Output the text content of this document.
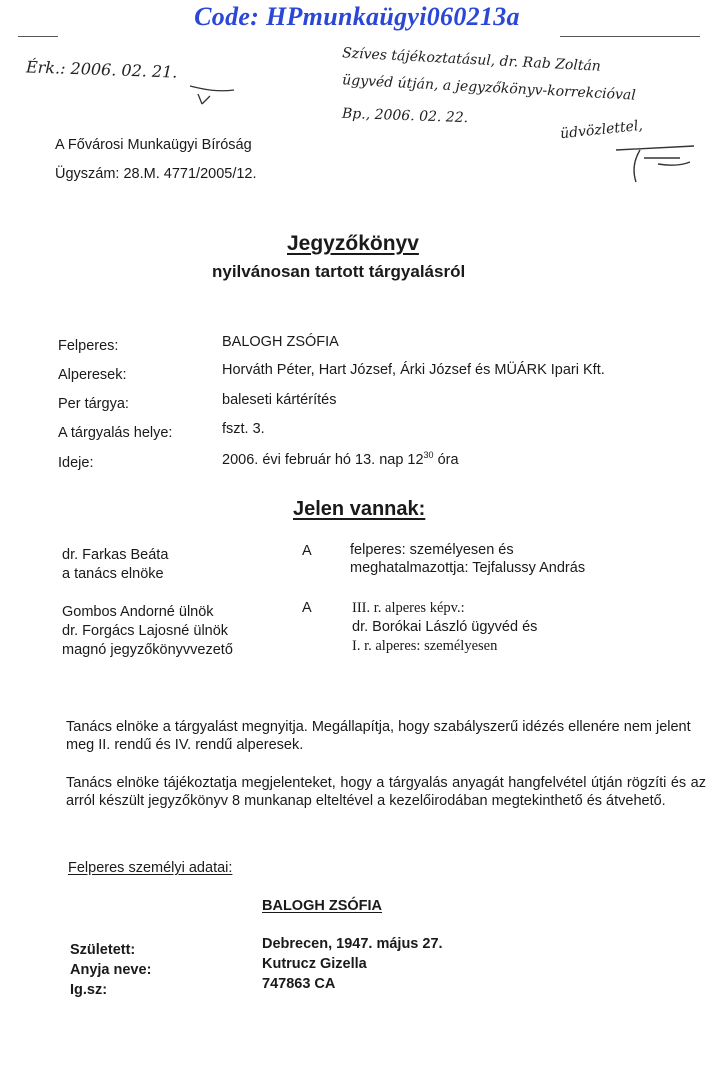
Code: HPmunkaügyi060213a
Érk.: 2006. 02. 21.	Szíves tájékoztatásul, dr. Rab Zoltán
ügyvéd útján, a jegyzőkönyv-korrekcióval
Bp., 2006. 02. 22.
üdvözlettel,
A Fővárosi Munkaügyi Bíróság
Ügyszám: 28.M. 4771/2005/12.
Jegyzőkönyv
nyilvánosan tartott tárgyalásról
Felperes:	BALOGH ZSÓFIA
Alperesek:	Horváth Péter, Hart József, Árki József és MÜÁRK Ipari Kft.
Per tárgya:	baleseti kártérítés
A tárgyalás helye:	fszt. 3.
Ideje:	2006. évi február hó 13. nap $12^{30}$ óra
Jelen vannak:
dr. Farkas Beáta
a tanács elnöke
A	felperes: személyesen és
meghatalmazottja: Tejfalussy András
Gombos Andorné ülnök
dr. Forgács Lajosné ülnök
magnó jegyzőkönyvvezető
A	III. r. alperes képv.:
dr. Borókai László ügyvéd és
I. r. alperes: személyesen
Tanács elnöke a tárgyalást megnyitja. Megállapítja, hogy szabályszerű idézés ellenére nem jelent meg II. rendű és IV. rendű alperesek.
Tanács elnöke tájékoztatja megjelenteket, hogy a tárgyalás anyagát hangfelvétel útján rögzíti és az arról készült jegyzőkönyv 8 munkanap elteltével a kezelőirodában megtekinthető és átvehető.
Felperes személyi adatai:
BALOGH ZSÓFIA
Született:	Debrecen, 1947. május 27.
Anyja neve:	Kutrucz Gizella
Ig.sz:	747863 CA
